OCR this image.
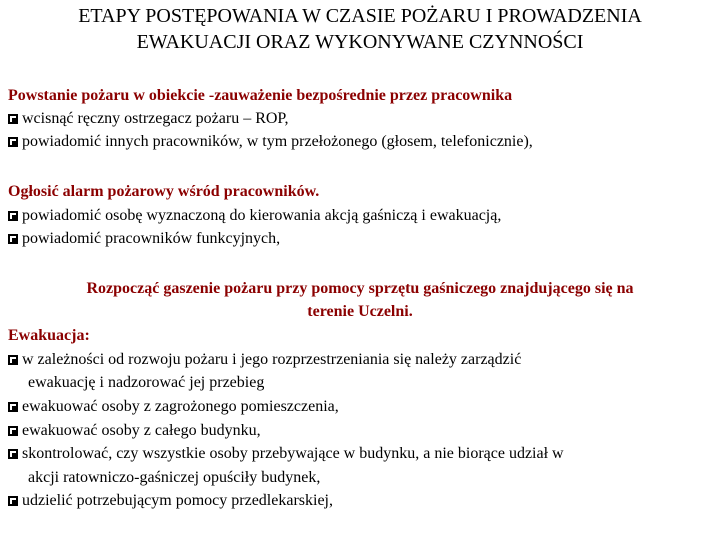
ETAPY POSTĘPOWANIA W CZASIE POŻARU I PROWADZENIA

EWAKUACJI ORAZ WYKONYWANE CZYNNOŚCI

Powstanie pożaru w obiekcie -zauważenie bezpośrednie przez pracownika

wcisnąć ręczny ostrzegacz pożaru – ROP,

powiadomić innych pracowników, w tym przełożonego (głosem, telefonicznie),

Ogłosić alarm pożarowy wśród pracowników.

powiadomić osobę wyznaczoną do kierowania akcją gaśniczą i ewakuacją,

powiadomić pracowników funkcyjnych,

Rozpocząć gaszenie pożaru przy pomocy sprzętu gaśniczego znajdującego się na

terenie Uczelni.

Ewakuacja:

w zależności od rozwoju pożaru i jego rozprzestrzeniania się należy zarządzić

ewakuację i nadzorować jej przebieg

ewakuować osoby z zagrożonego pomieszczenia,

ewakuować osoby z całego budynku,

skontrolować, czy wszystkie osoby przebywające w budynku, a nie biorące udział w

akcji ratowniczo-gaśniczej opuściły budynek,

udzielić potrzebującym pomocy przedlekarskiej,
